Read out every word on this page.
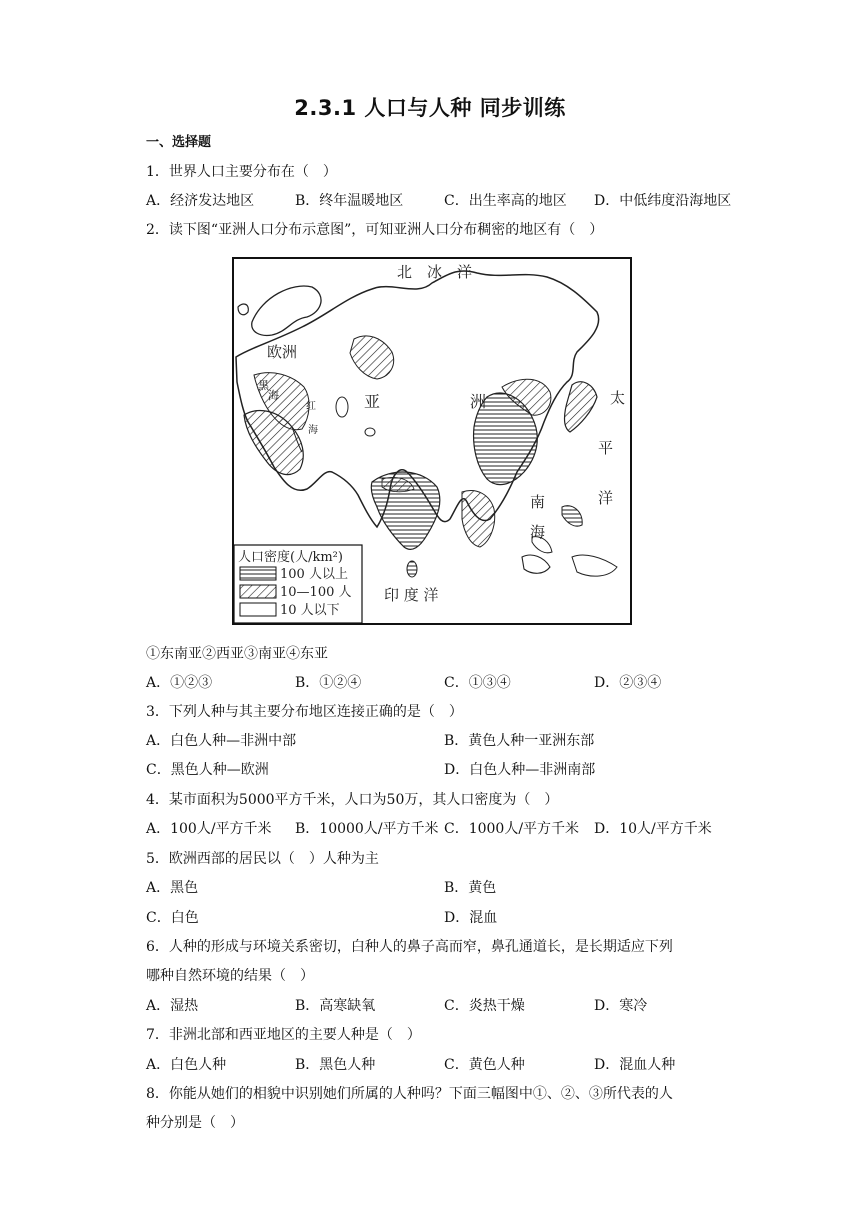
2.3.1 人口与人种 同步训练
一、选择题
1．世界人口主要分布在（　）
A．经济发达地区	B．终年温暖地区	C．出生率高的地区 D．中低纬度沿海地区
2．读下图“亚洲人口分布示意图”，可知亚洲人口分布稠密的地区有（　）
北　冰　洋
欧洲
黑
海
红
海
亚	洲
南
海
太
平
洋
印 度 洋
人口密度(人/km²)
100 人以上
10—100 人
10 人以下
①东南亚②西亚③南亚④东亚
A．①②③	B．①②④	C．①③④	D．②③④
3．下列人种与其主要分布地区连接正确的是（　）
A．白色人种—非洲中部	B．黄色人种一亚洲东部
C．黑色人种—欧洲	D．白色人种—非洲南部
4．某市面积为5000平方千米，人口为50万，其人口密度为（　）
A．100人/平方千米 B．10000人/平方千米 C．1000人/平方千米 D．10人/平方千米
5．欧洲西部的居民以（　）人种为主
A．黑色	B．黄色
C．白色	D．混血
6．人种的形成与环境关系密切，白种人的鼻子高而窄，鼻孔通道长，是长期适应下列
哪种自然环境的结果（　）
A．湿热	B．高寒缺氧	C．炎热干燥	D．寒冷
7．非洲北部和西亚地区的主要人种是（　）
A．白色人种	B．黑色人种	C．黄色人种	D．混血人种
8．你能从她们的相貌中识别她们所属的人种吗？下面三幅图中①、②、③所代表的人
种分别是（　）
